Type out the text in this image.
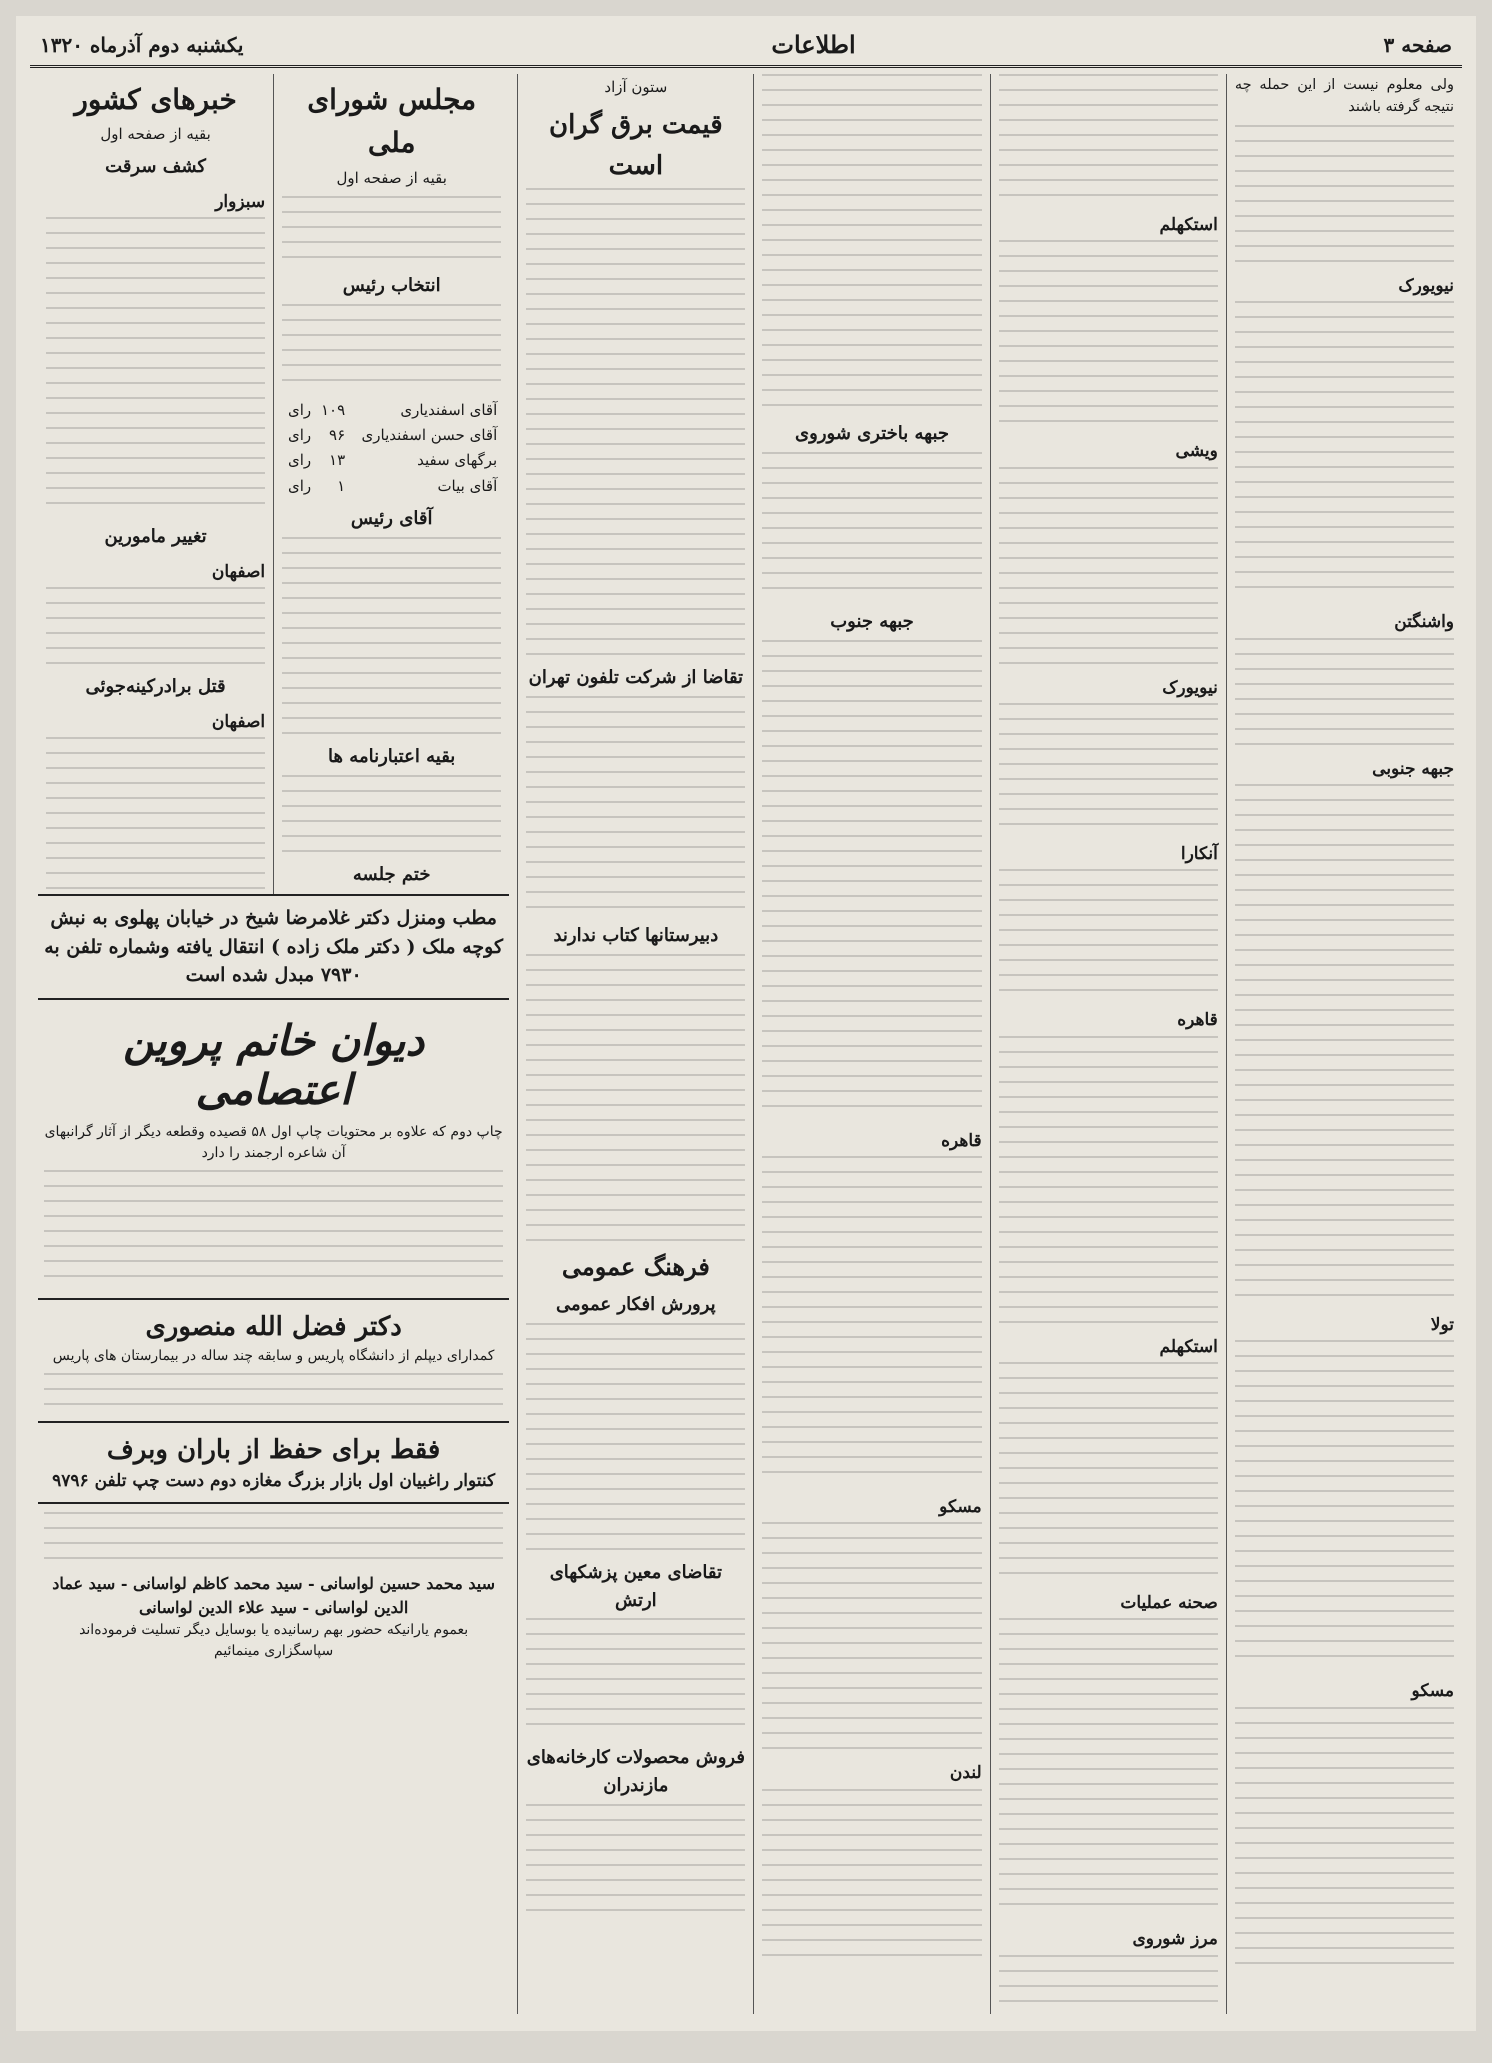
صفحه ۳
اطلاعات
یکشنبه دوم آذرماه ۱۳۲۰

ولی معلوم نیست از این حمله چه نتیجه گرفته باشند

نیویورک
واشنگتن
جبهه جنوبی
تولا
مسکو
استکهلم
ویشی
نیویورک
آنکارا
قاهره
استکهلم
صحنه عملیات
مرز شوروی
جبهه باختری شوروی
جبهه جنوب
قاهره
مسکو
لندن
ستون آزاد
قیمت برق گران است
تقاضا از شرکت تلفون تهران
دبیرستانها کتاب ندارند
فرهنگ عمومی
پرورش افکار عمومی
تقاضای معین پزشکهای ارتش
فروش محصولات کارخانه‌های مازندران
مجلس شورای ملی
بقیه از صفحه اول
انتخاب رئیس
آقای اسفندیاری	۱۰۹	رای
آقای حسن اسفندیاری	۹۶	رای
برگهای سفید	۱۳	رای
آقای بیات	۱	رای
آقای رئیس
بقیه اعتبارنامه ها
ختم جلسه
خبرهای کشور
بقیه از صفحه اول
کشف سرقت
سبزوار
تغییر مامورین
اصفهان
قتل برادرکینه‌جوئی
اصفهان
مطب ومنزل دکتر غلامرضا شیخ در خیابان پهلوی به نبش کوچه ملک ( دکتر ملک زاده ) انتقال یافته وشماره تلفن به ۷۹۳۰ مبدل شده است
دیوان خانم پروین اعتصامی
چاپ دوم که علاوه بر محتویات چاپ اول ۵۸ قصیده وقطعه دیگر از آثار گرانبهای آن شاعره ارجمند را دارد
دکتر فضل الله منصوری
کمدارای دیپلم از دانشگاه پاریس و سابقه چند ساله در بیمارستان های پاریس
فقط برای حفظ از باران وبرف
کنتوار راغبیان اول بازار بزرگ مغازه دوم دست چپ تلفن ۹۷۹۶
سید محمد حسین لواسانی - سید محمد کاظم لواسانی - سید عماد الدین لواسانی - سید علاء الدین لواسانی
بعموم یارانیکه حضور بهم رسانیده یا بوسایل دیگر تسلیت فرموده‌اند سپاسگزاری مینمائیم
